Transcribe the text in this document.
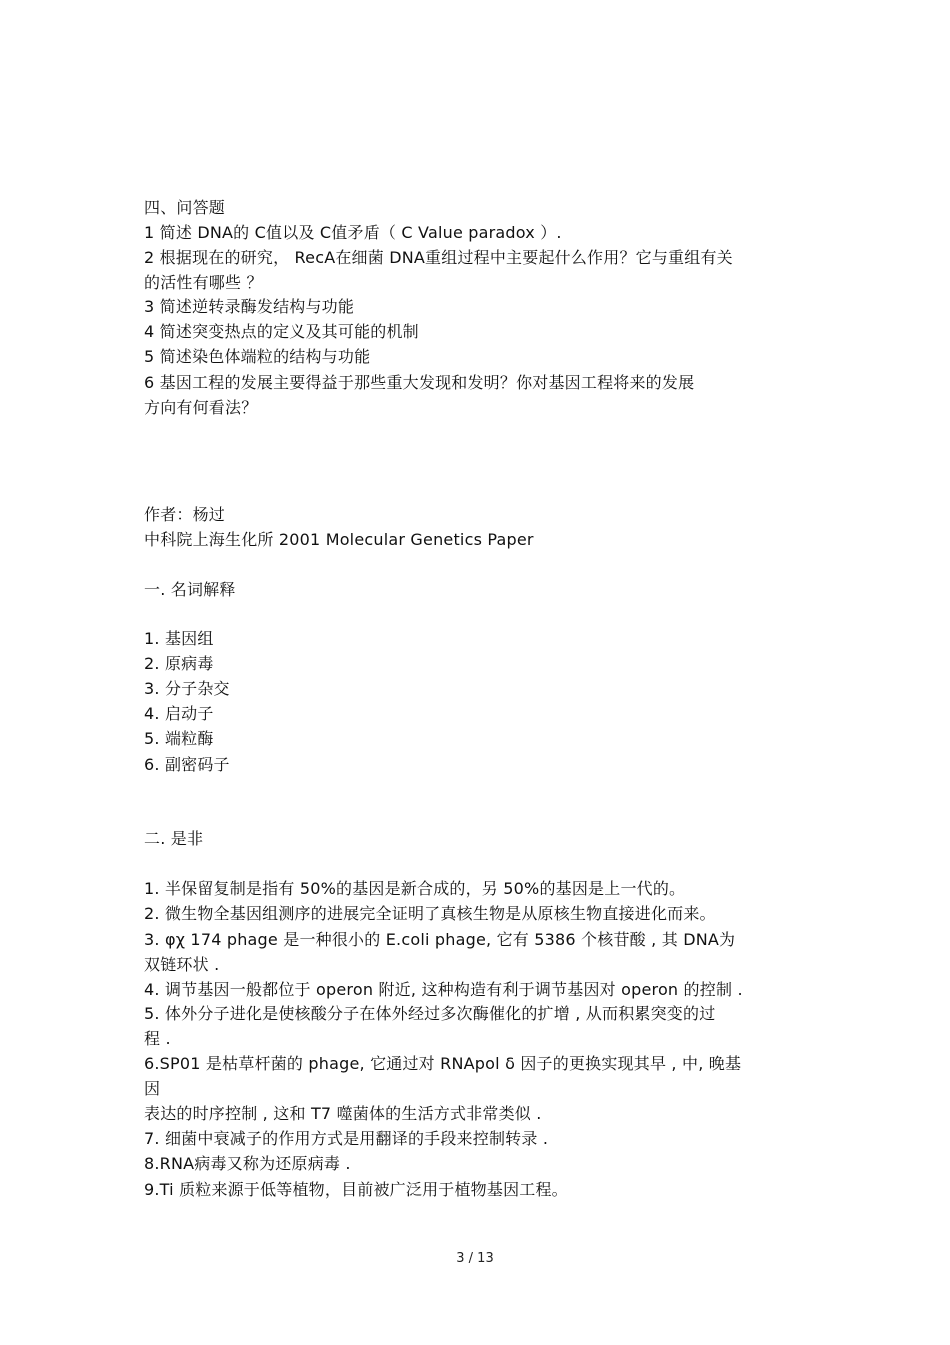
四、问答题
1 简述 DNA的 C值以及 C值矛盾（ C Value paradox ）.
2 根据现在的研究， RecA在细菌 DNA重组过程中主要起什么作用？它与重组有关
的活性有哪些 ？
3 简述逆转录酶发结构与功能
4 简述突变热点的定义及其可能的机制
5 简述染色体端粒的结构与功能
6 基因工程的发展主要得益于那些重大发现和发明？你对基因工程将来的发展
方向有何看法？
作者：杨过
中科院上海生化所 2001 Molecular Genetics Paper
一. 名词解释
1. 基因组
2. 原病毒
3. 分子杂交
4. 启动子
5. 端粒酶
6. 副密码子
二. 是非
1. 半保留复制是指有 50%的基因是新合成的，另 50%的基因是上一代的。
2. 微生物全基因组测序的进展完全证明了真核生物是从原核生物直接进化而来。
3. φχ 174 phage 是一种很小的 E.coli phage, 它有 5386 个核苷酸 , 其 DNA为
双链环状 .
4. 调节基因一般都位于 operon 附近, 这种构造有利于调节基因对 operon 的控制 .
5. 体外分子进化是使核酸分子在体外经过多次酶催化的扩增 , 从而积累突变的过
程 .
6.SP01 是枯草杆菌的 phage, 它通过对 RNApol δ 因子的更换实现其早 , 中, 晚基
因
表达的时序控制 , 这和 T7 噬菌体的生活方式非常类似 .
7. 细菌中衰减子的作用方式是用翻译的手段来控制转录 .
8.RNA病毒又称为还原病毒 .
9.Ti 质粒来源于低等植物，目前被广泛用于植物基因工程。
3 / 13
